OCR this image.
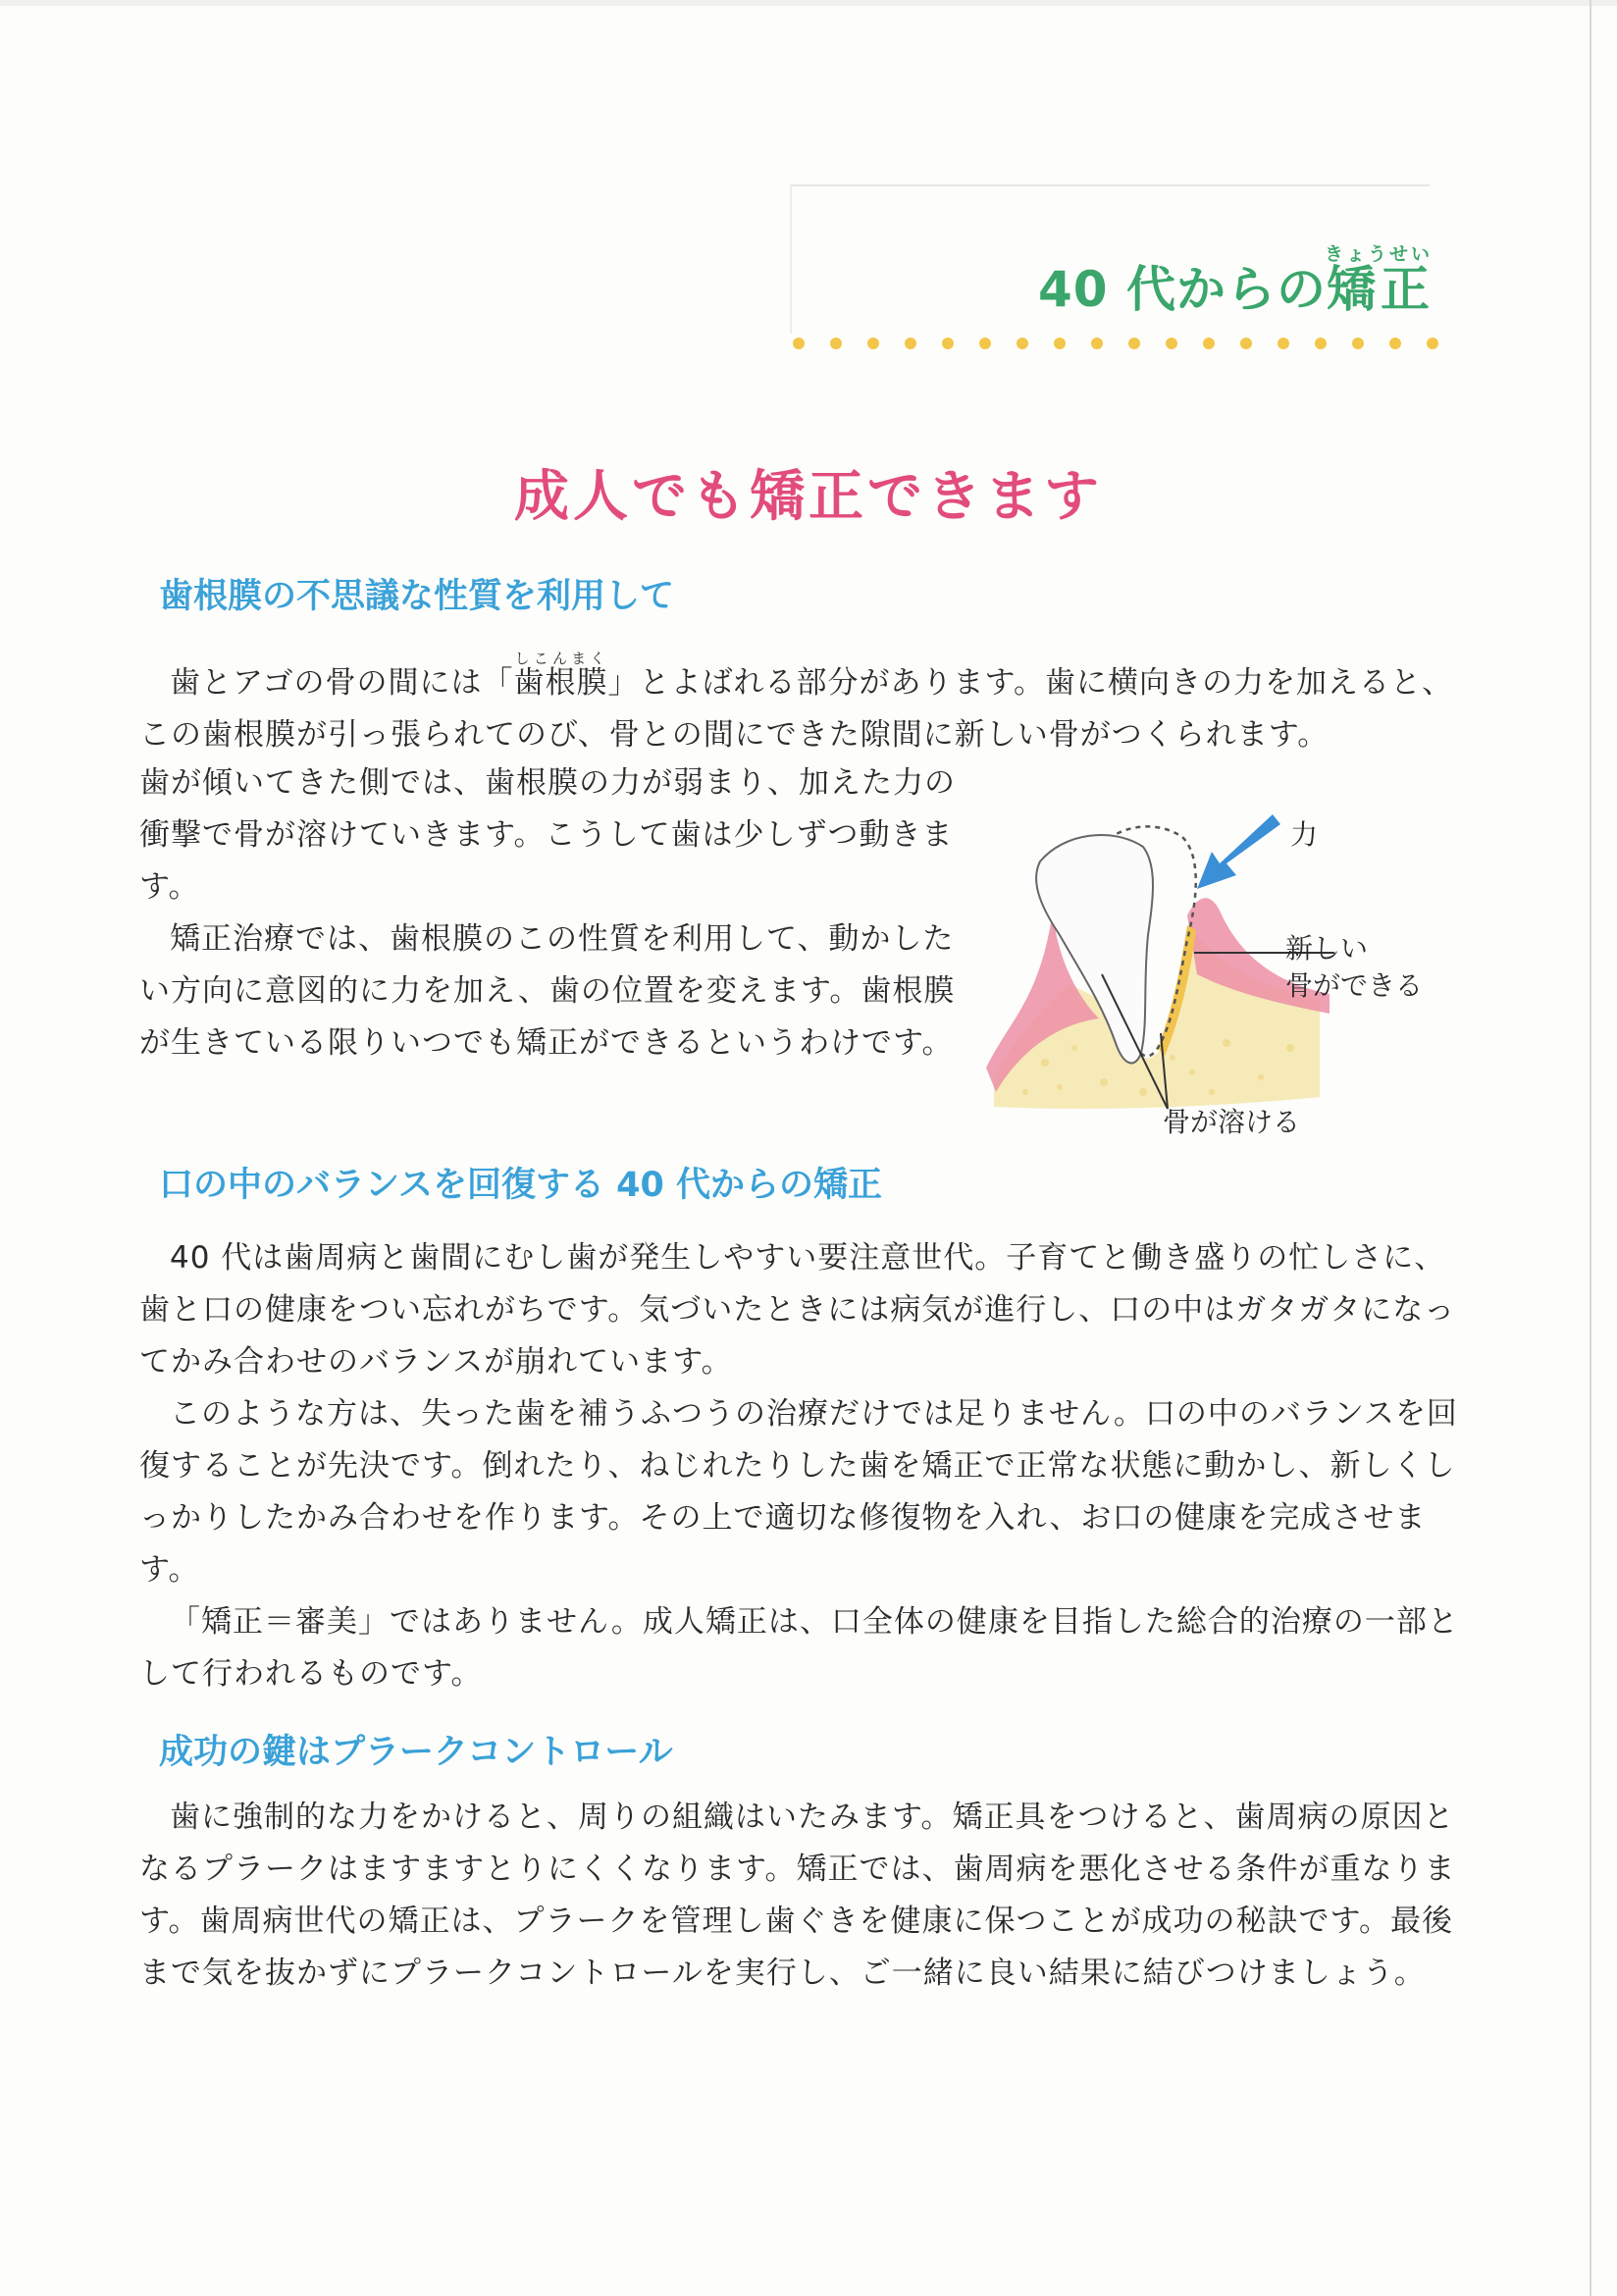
40 代からの矯正きょうせい
成人でも矯正できます
歯根膜の不思議な性質を利用して

歯とアゴの骨の間には「歯根膜しこんまく」とよばれる部分があります。歯に横向きの力を加えると、この歯根膜が引っ張られてのび、骨との間にできた隙間に新しい骨がつくられます。

歯が傾いてきた側では、歯根膜の力が弱まり、加えた力の衝撃で骨が溶けていきます。こうして歯は少しずつ動きます。

矯正治療では、歯根膜のこの性質を利用して、動かしたい方向に意図的に力を加え、歯の位置を変えます。歯根膜が生きている限りいつでも矯正ができるというわけです。

力
新しい
骨ができる
骨が溶ける
口の中のバランスを回復する 40 代からの矯正

40 代は歯周病と歯間にむし歯が発生しやすい要注意世代。子育てと働き盛りの忙しさに、歯と口の健康をつい忘れがちです。気づいたときには病気が進行し、口の中はガタガタになってかみ合わせのバランスが崩れています。

このような方は、失った歯を補うふつうの治療だけでは足りません。口の中のバランスを回復することが先決です。倒れたり、ねじれたりした歯を矯正で正常な状態に動かし、新しくしっかりしたかみ合わせを作ります。その上で適切な修復物を入れ、お口の健康を完成させます。

「矯正＝審美」ではありません。成人矯正は、口全体の健康を目指した総合的治療の一部として行われるものです。

成功の鍵はプラークコントロール

歯に強制的な力をかけると、周りの組織はいたみます。矯正具をつけると、歯周病の原因となるプラークはますますとりにくくなります。矯正では、歯周病を悪化させる条件が重なります。歯周病世代の矯正は、プラークを管理し歯ぐきを健康に保つことが成功の秘訣です。最後まで気を抜かずにプラークコントロールを実行し、ご一緒に良い結果に結びつけましょう。
